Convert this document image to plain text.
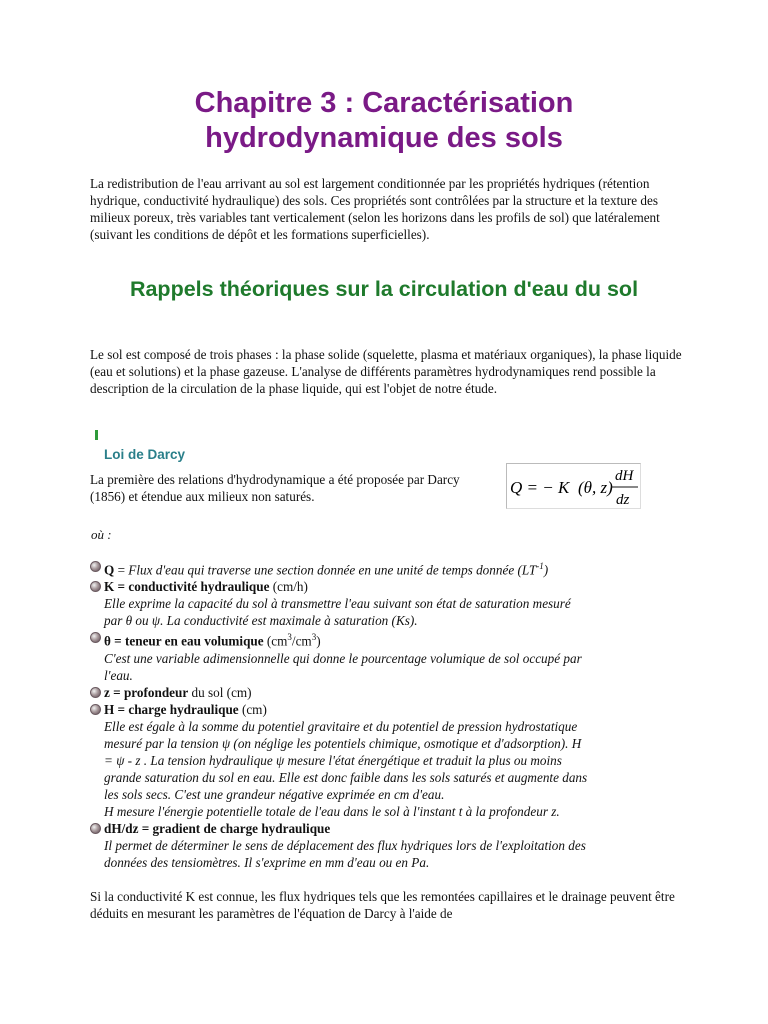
Chapitre 3 : Caractérisation hydrodynamique des sols

La redistribution de l'eau arrivant au sol est largement conditionnée par les propriétés hydriques (rétention hydrique, conductivité hydraulique) des sols. Ces propriétés sont contrôlées par la structure et la texture des milieux poreux, très variables tant verticalement (selon les horizons dans les profils de sol) que latéralement (suivant les conditions de dépôt et les formations superficielles).

Rappels théoriques sur la circulation d'eau du sol

Le sol est composé de trois phases : la phase solide (squelette, plasma et matériaux organiques), la phase liquide (eau et solutions) et la phase gazeuse. L'analyse de différents paramètres hydrodynamiques rend possible la description de la circulation de la phase liquide, qui est l'objet de notre étude.

Loi de Darcy

La première des relations d'hydrodynamique a été proposée par Darcy (1856) et étendue aux milieux non saturés.	Q = − K (θ, z)
dH
dz
où :
Q = Flux d'eau qui traverse une section donnée en une unité de temps donnée $(LT^{-1})$
K = conductivité hydraulique (cm/h)
Elle exprime la capacité du sol à transmettre l'eau suivant son état de saturation mesuré
par θ ou ψ. La conductivité est maximale à saturation (Ks).
θ = teneur en eau volumique $(cm^3/cm^3)$
C'est une variable adimensionnelle qui donne le pourcentage volumique de sol occupé par
l'eau.
z = profondeur du sol (cm)
H = charge hydraulique (cm)
Elle est égale à la somme du potentiel gravitaire et du potentiel de pression hydrostatique
mesuré par la tension ψ (on néglige les potentiels chimique, osmotique et d'adsorption). H
= ψ - z . La tension hydraulique ψ mesure l'état énergétique et traduit la plus ou moins
grande saturation du sol en eau. Elle est donc faible dans les sols saturés et augmente dans
les sols secs. C'est une grandeur négative exprimée en cm d'eau.
H mesure l'énergie potentielle totale de l'eau dans le sol à l'instant t à la profondeur z.
dH/dz = gradient de charge hydraulique
Il permet de déterminer le sens de déplacement des flux hydriques lors de l'exploitation des
données des tensiomètres. Il s'exprime en mm d'eau ou en Pa.

Si la conductivité K est connue, les flux hydriques tels que les remontées capillaires et le drainage peuvent être déduits en mesurant les paramètres de l'équation de Darcy à l'aide de
